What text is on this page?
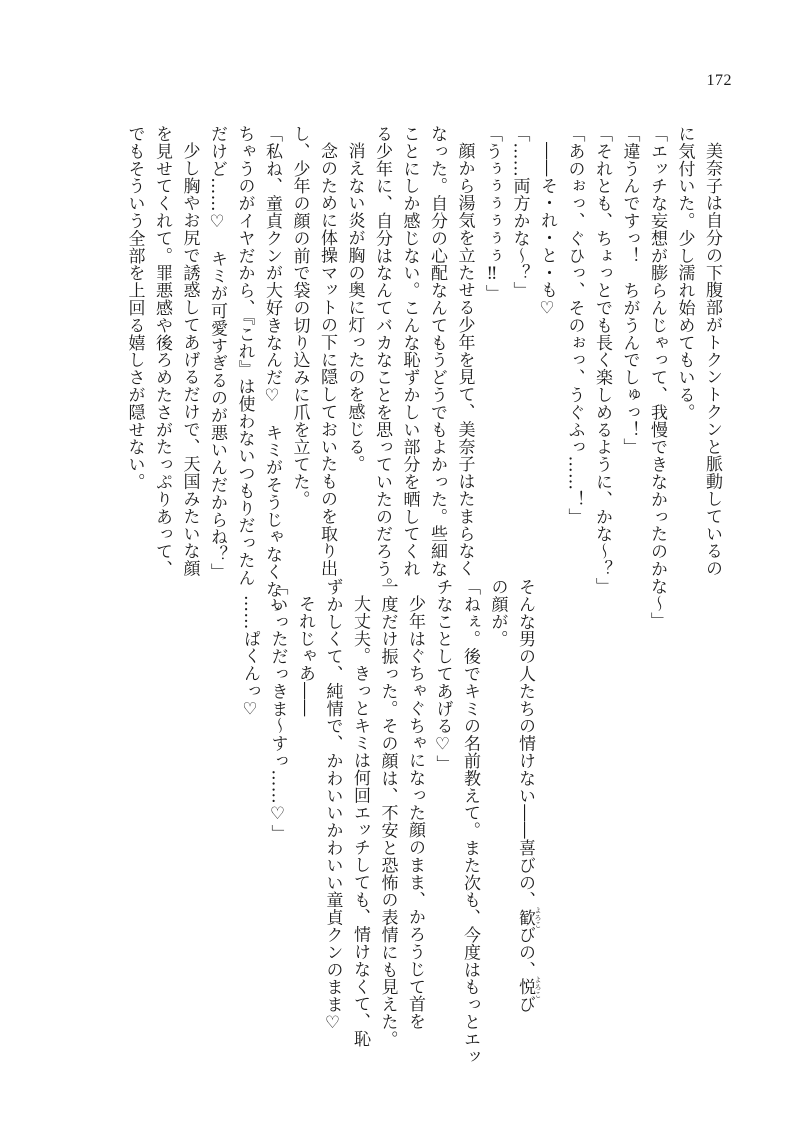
172
美奈子は自分の下腹部がトクントクンと脈動しているの
に気付いた。少し濡れ始めてもいる。
「エッチな妄想が膨らんじゃって、我慢できなかったのかな〜」
「違うんですっ！　ちがうんでしゅっ！」
「それとも、ちょっとでも長く楽しめるように、かな〜？」
「あのぉっ、ぐひっ、そのぉっ、うぐふっ……！」
――そ・れ・と・も♡
「……両方かな〜？」
「うぅぅぅぅぅぅ‼」
顔から湯気を立たせる少年を見て、美奈子はたまらなく
なった。自分の心配なんてもうどうでもよかった。些細な
ことにしか感じない。こんな恥ずかしい部分を晒してくれ
る少年に、自分はなんてバカなことを思っていたのだろう。
消えない炎が胸の奥に灯ったのを感じる。
念のために体操マットの下に隠しておいたものを取り出
し、少年の顔の前で袋の切り込みに爪を立てた。
「私ね、童貞クンが大好きなんだ♡　キミがそうじゃなくなっ
ちゃうのがイヤだから、『これ』は使わないつもりだったん
だけど……♡　キミが可愛すぎるのが悪いんだからね？」
少し胸やお尻で誘惑してあげるだけで、天国みたいな顔
を見せてくれて。罪悪感や後ろめたさがたっぷりあって、
でもそういう全部を上回る嬉しさが隠せない。
そんな男の人たちの情けない――喜びの、歓 よろこびの、悦 よろこび
の顔が。
「ねぇ。後でキミの名前教えて。また次も、今度はもっとエッ
チなことしてあげる♡」
少年はぐちゃぐちゃになった顔のまま、かろうじて首を
一度だけ振った。その顔は、不安と恐怖の表情にも見えた。
大丈夫。きっとキミは何回エッチしても、情けなくて、恥
ずかしくて、純情で、かわいいかわいい童貞クンのまま♡
それじゃあ――
「いっただっきま〜すっ……♡」
……ぱくんっ♡
